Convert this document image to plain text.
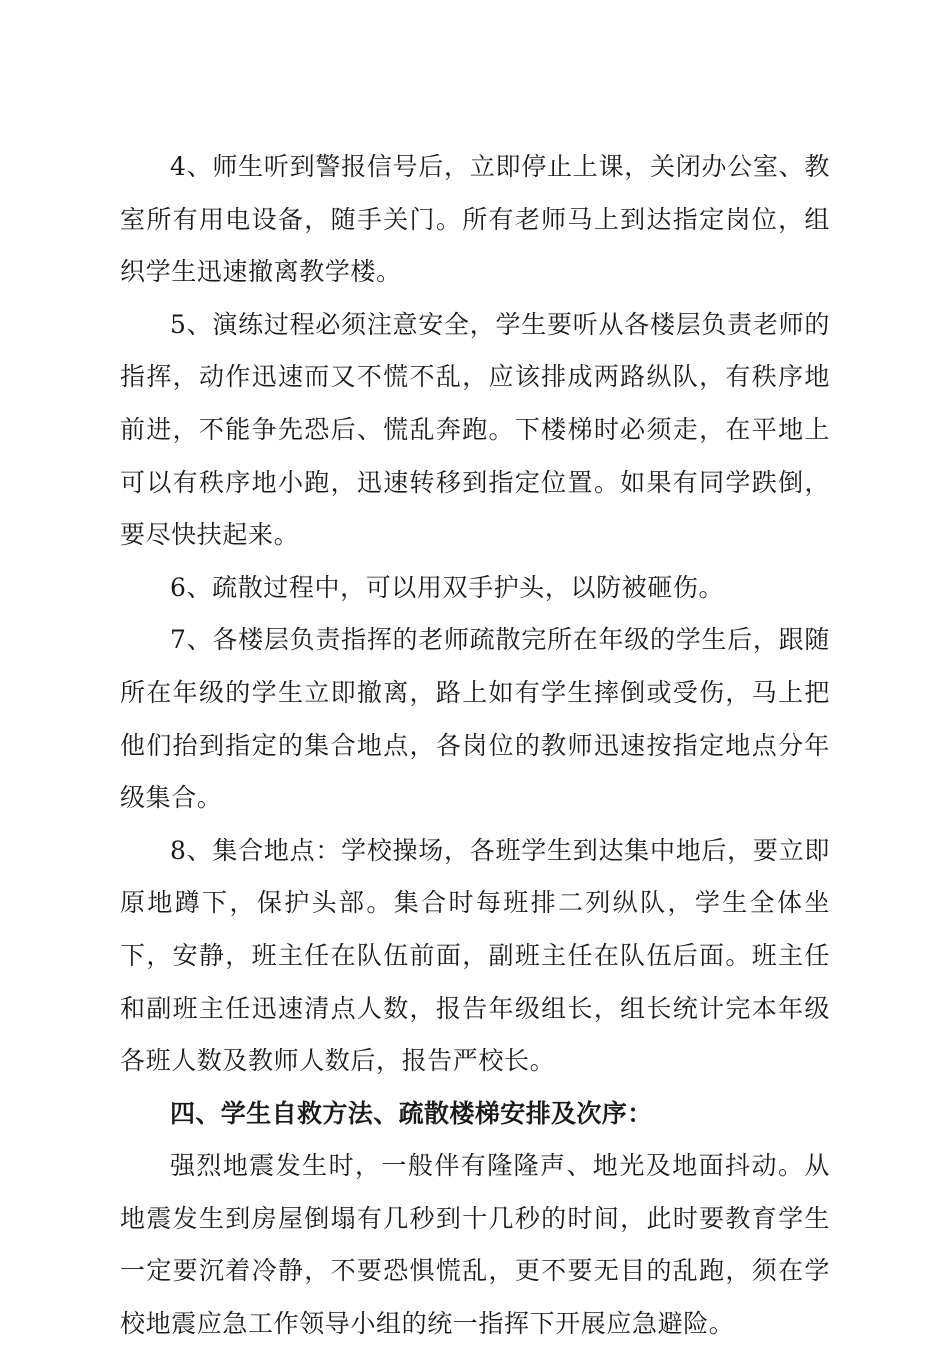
4、师生听到警报信号后，立即停止上课，关闭办公室、教室所有用电设备，随手关门。所有老师马上到达指定岗位，组织学生迅速撤离教学楼。

5、演练过程必须注意安全，学生要听从各楼层负责老师的指挥，动作迅速而又不慌不乱，应该排成两路纵队，有秩序地前进，不能争先恐后、慌乱奔跑。下楼梯时必须走，在平地上可以有秩序地小跑，迅速转移到指定位置。如果有同学跌倒，要尽快扶起来。

6、疏散过程中，可以用双手护头，以防被砸伤。

7、各楼层负责指挥的老师疏散完所在年级的学生后，跟随所在年级的学生立即撤离，路上如有学生摔倒或受伤，马上把他们抬到指定的集合地点，各岗位的教师迅速按指定地点分年级集合。

8、集合地点：学校操场，各班学生到达集中地后，要立即原地蹲下，保护头部。集合时每班排二列纵队，学生全体坐下，安静，班主任在队伍前面，副班主任在队伍后面。班主任和副班主任迅速清点人数，报告年级组长，组长统计完本年级各班人数及教师人数后，报告严校长。

四、学生自救方法、疏散楼梯安排及次序：

强烈地震发生时，一般伴有隆隆声、地光及地面抖动。从地震发生到房屋倒塌有几秒到十几秒的时间，此时要教育学生一定要沉着冷静，不要恐惧慌乱，更不要无目的乱跑，须在学校地震应急工作领导小组的统一指挥下开展应急避险。
